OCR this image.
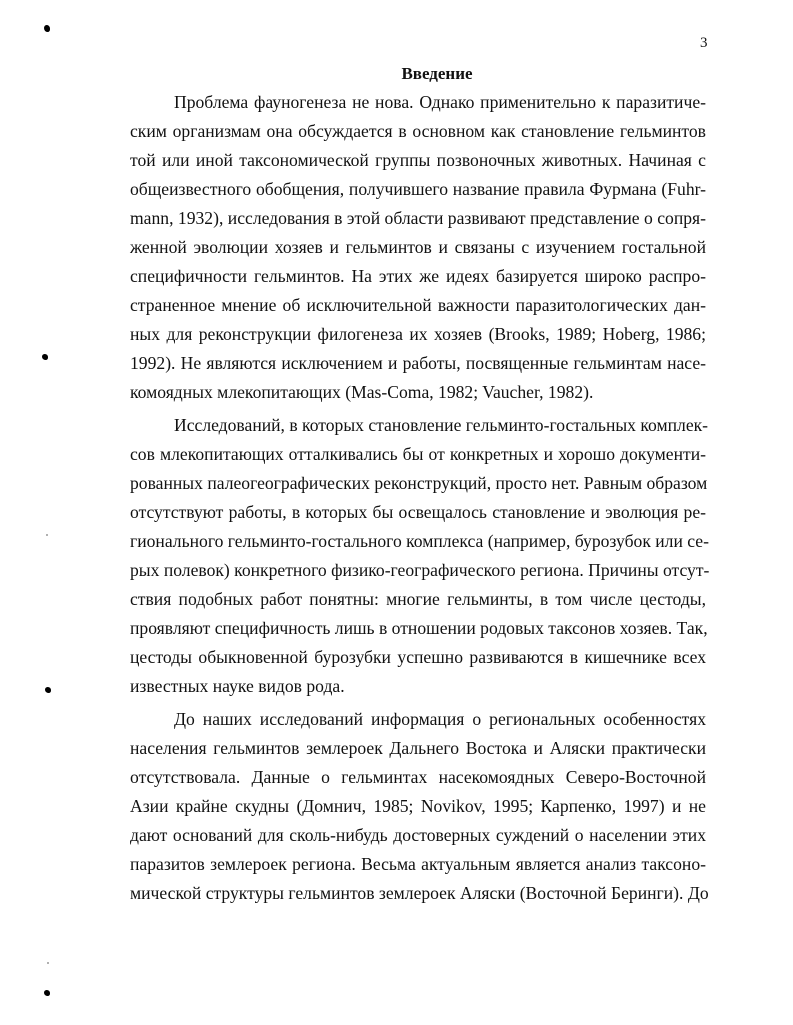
3
Введение
Проблема фауногенеза не нова. Однако применительно к паразитиче-
ским организмам она обсуждается в основном как становление гельминтов
той или иной таксономической группы позвоночных животных. Начиная с
общеизвестного обобщения, получившего название правила Фурмана (Fuhr-
mann, 1932), исследования в этой области развивают представление о сопря-
женной эволюции хозяев и гельминтов и связаны с изучением гостальной
специфичности гельминтов. На этих же идеях базируется широко распро-
страненное мнение об исключительной важности паразитологических дан-
ных для реконструкции филогенеза их хозяев (Brooks, 1989; Hoberg, 1986;
1992). Не являются исключением и работы, посвященные гельминтам насе-
комоядных млекопитающих (Mas-Coma, 1982; Vaucher, 1982).
Исследований, в которых становление гельминто-гостальных комплек-
сов млекопитающих отталкивались бы от конкретных и хорошо документи-
рованных палеогеографических реконструкций, просто нет. Равным образом
отсутствуют работы, в которых бы освещалось становление и эволюция ре-
гионального гельминто-гостального комплекса (например, бурозубок или се-
рых полевок) конкретного физико-географического региона. Причины отсут-
ствия подобных работ понятны: многие гельминты, в том числе цестоды,
проявляют специфичность лишь в отношении родовых таксонов хозяев. Так,
цестоды обыкновенной бурозубки успешно развиваются в кишечнике всех
известных науке видов рода.
До наших исследований информация о региональных особенностях
населения гельминтов землероек Дальнего Востока и Аляски практически
отсутствовала. Данные о гельминтах насекомоядных Северо-Восточной
Азии крайне скудны (Домнич, 1985; Novikov, 1995; Карпенко, 1997) и не
дают оснований для сколь-нибудь достоверных суждений о населении этих
паразитов землероек региона. Весьма актуальным является анализ таксоно-
мической структуры гельминтов землероек Аляски (Восточной Беринги). До
